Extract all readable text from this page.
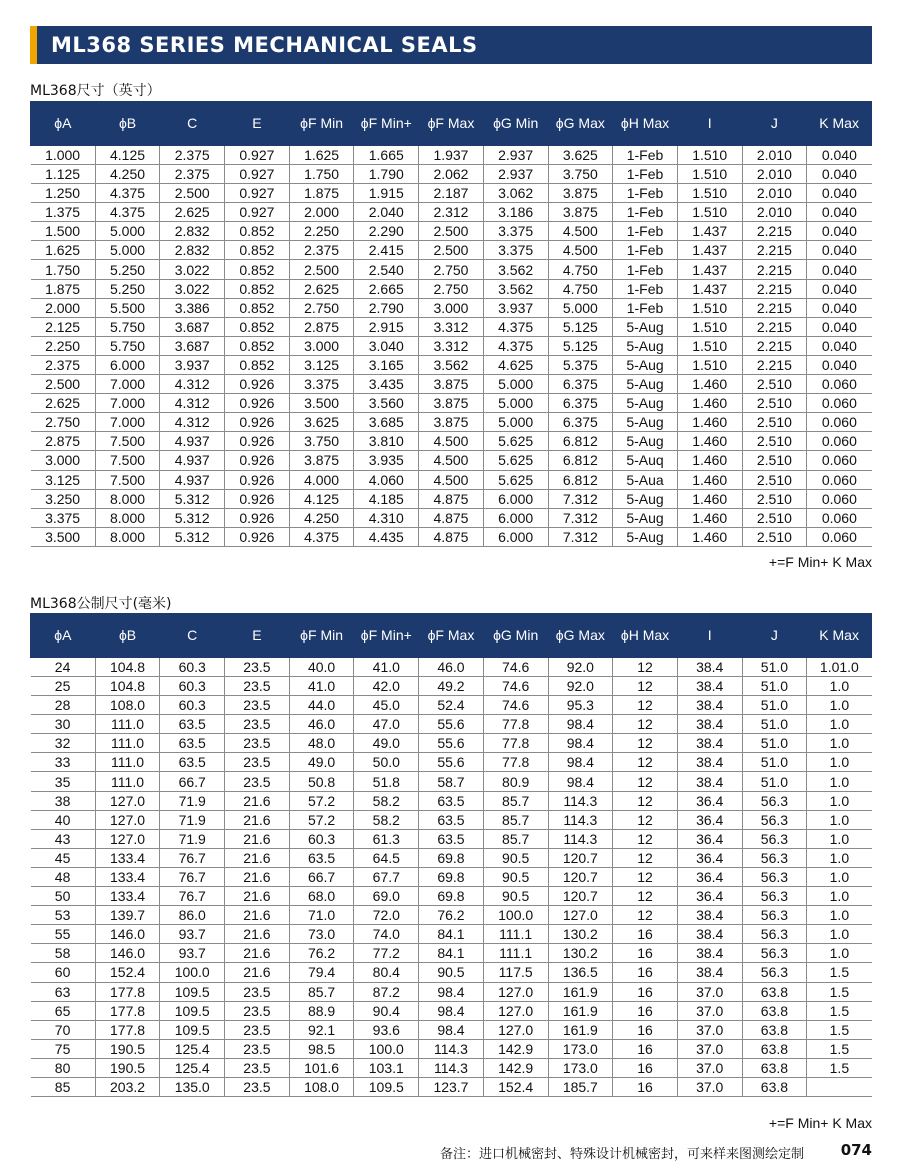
ML368 SERIES MECHANICAL SEALS
ML368尺寸（英寸）
ϕA	ϕB	C	E	ϕF Min	ϕF Min+	ϕF Max	ϕG Min	ϕG Max	ϕH Max	I	J	K Max
1.000	4.125	2.375	0.927	1.625	1.665	1.937	2.937	3.625	1-Feb	1.510	2.010	0.040
1.125	4.250	2.375	0.927	1.750	1.790	2.062	2.937	3.750	1-Feb	1.510	2.010	0.040
1.250	4.375	2.500	0.927	1.875	1.915	2.187	3.062	3.875	1-Feb	1.510	2.010	0.040
1.375	4.375	2.625	0.927	2.000	2.040	2.312	3.186	3.875	1-Feb	1.510	2.010	0.040
1.500	5.000	2.832	0.852	2.250	2.290	2.500	3.375	4.500	1-Feb	1.437	2.215	0.040
1.625	5.000	2.832	0.852	2.375	2.415	2.500	3.375	4.500	1-Feb	1.437	2.215	0.040
1.750	5.250	3.022	0.852	2.500	2.540	2.750	3.562	4.750	1-Feb	1.437	2.215	0.040
1.875	5.250	3.022	0.852	2.625	2.665	2.750	3.562	4.750	1-Feb	1.437	2.215	0.040
2.000	5.500	3.386	0.852	2.750	2.790	3.000	3.937	5.000	1-Feb	1.510	2.215	0.040
2.125	5.750	3.687	0.852	2.875	2.915	3.312	4.375	5.125	5-Aug	1.510	2.215	0.040
2.250	5.750	3.687	0.852	3.000	3.040	3.312	4.375	5.125	5-Aug	1.510	2.215	0.040
2.375	6.000	3.937	0.852	3.125	3.165	3.562	4.625	5.375	5-Aug	1.510	2.215	0.040
2.500	7.000	4.312	0.926	3.375	3.435	3.875	5.000	6.375	5-Aug	1.460	2.510	0.060
2.625	7.000	4.312	0.926	3.500	3.560	3.875	5.000	6.375	5-Aug	1.460	2.510	0.060
2.750	7.000	4.312	0.926	3.625	3.685	3.875	5.000	6.375	5-Aug	1.460	2.510	0.060
2.875	7.500	4.937	0.926	3.750	3.810	4.500	5.625	6.812	5-Aug	1.460	2.510	0.060
3.000	7.500	4.937	0.926	3.875	3.935	4.500	5.625	6.812	5-Auq	1.460	2.510	0.060
3.125	7.500	4.937	0.926	4.000	4.060	4.500	5.625	6.812	5-Aua	1.460	2.510	0.060
3.250	8.000	5.312	0.926	4.125	4.185	4.875	6.000	7.312	5-Aug	1.460	2.510	0.060
3.375	8.000	5.312	0.926	4.250	4.310	4.875	6.000	7.312	5-Aug	1.460	2.510	0.060
3.500	8.000	5.312	0.926	4.375	4.435	4.875	6.000	7.312	5-Aug	1.460	2.510	0.060
+=F Min+ K Max
ML368公制尺寸(毫米)
ϕA	ϕB	C	E	ϕF Min	ϕF Min+	ϕF Max	ϕG Min	ϕG Max	ϕH Max	I	J	K Max
24	104.8	60.3	23.5	40.0	41.0	46.0	74.6	92.0	12	38.4	51.0	1.01.0
25	104.8	60.3	23.5	41.0	42.0	49.2	74.6	92.0	12	38.4	51.0	1.0
28	108.0	60.3	23.5	44.0	45.0	52.4	74.6	95.3	12	38.4	51.0	1.0
30	111.0	63.5	23.5	46.0	47.0	55.6	77.8	98.4	12	38.4	51.0	1.0
32	111.0	63.5	23.5	48.0	49.0	55.6	77.8	98.4	12	38.4	51.0	1.0
33	111.0	63.5	23.5	49.0	50.0	55.6	77.8	98.4	12	38.4	51.0	1.0
35	111.0	66.7	23.5	50.8	51.8	58.7	80.9	98.4	12	38.4	51.0	1.0
38	127.0	71.9	21.6	57.2	58.2	63.5	85.7	114.3	12	36.4	56.3	1.0
40	127.0	71.9	21.6	57.2	58.2	63.5	85.7	114.3	12	36.4	56.3	1.0
43	127.0	71.9	21.6	60.3	61.3	63.5	85.7	114.3	12	36.4	56.3	1.0
45	133.4	76.7	21.6	63.5	64.5	69.8	90.5	120.7	12	36.4	56.3	1.0
48	133.4	76.7	21.6	66.7	67.7	69.8	90.5	120.7	12	36.4	56.3	1.0
50	133.4	76.7	21.6	68.0	69.0	69.8	90.5	120.7	12	36.4	56.3	1.0
53	139.7	86.0	21.6	71.0	72.0	76.2	100.0	127.0	12	38.4	56.3	1.0
55	146.0	93.7	21.6	73.0	74.0	84.1	111.1	130.2	16	38.4	56.3	1.0
58	146.0	93.7	21.6	76.2	77.2	84.1	111.1	130.2	16	38.4	56.3	1.0
60	152.4	100.0	21.6	79.4	80.4	90.5	117.5	136.5	16	38.4	56.3	1.5
63	177.8	109.5	23.5	85.7	87.2	98.4	127.0	161.9	16	37.0	63.8	1.5
65	177.8	109.5	23.5	88.9	90.4	98.4	127.0	161.9	16	37.0	63.8	1.5
70	177.8	109.5	23.5	92.1	93.6	98.4	127.0	161.9	16	37.0	63.8	1.5
75	190.5	125.4	23.5	98.5	100.0	114.3	142.9	173.0	16	37.0	63.8	1.5
80	190.5	125.4	23.5	101.6	103.1	114.3	142.9	173.0	16	37.0	63.8	1.5
85	203.2	135.0	23.5	108.0	109.5	123.7	152.4	185.7	16	37.0	63.8	
+=F Min+ K Max
备注：进口机械密封、特殊设计机械密封，可来样来图测绘定制 074
